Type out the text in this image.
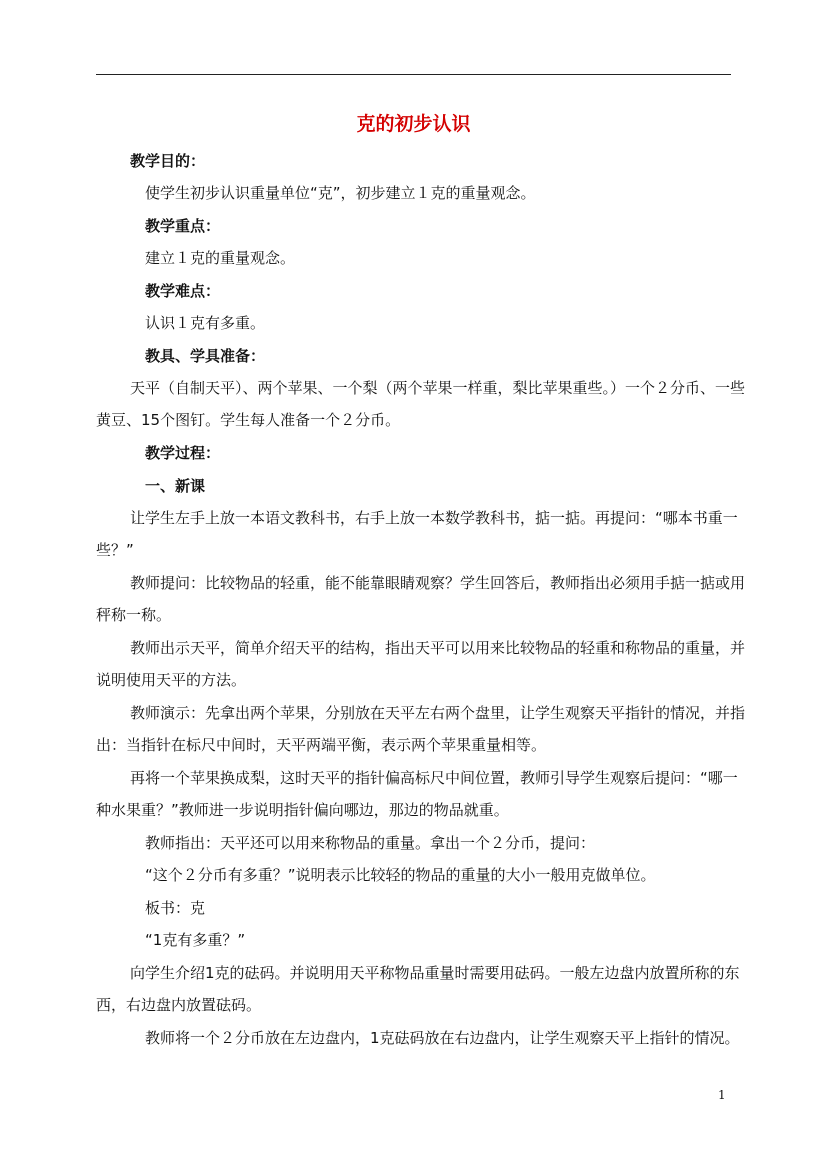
克的初步认识
教学目的：
使学生初步认识重量单位“克”，初步建立１克的重量观念。
教学重点：
建立１克的重量观念。
教学难点：
认识１克有多重。
教具、学具准备：
天平（自制天平）、两个苹果、一个梨（两个苹果一样重，梨比苹果重些。）一个２分币、一些
黄豆、15个图钉。学生每人准备一个２分币。
教学过程：
一、新课
让学生左手上放一本语文教科书，右手上放一本数学教科书，掂一掂。再提问：“哪本书重一
些？”
教师提问：比较物品的轻重，能不能靠眼睛观察？学生回答后，教师指出必须用手掂一掂或用
秤称一称。
教师出示天平，简单介绍天平的结构，指出天平可以用来比较物品的轻重和称物品的重量，并
说明使用天平的方法。
教师演示：先拿出两个苹果，分别放在天平左右两个盘里，让学生观察天平指针的情况，并指
出：当指针在标尺中间时，天平两端平衡，表示两个苹果重量相等。
再将一个苹果换成梨，这时天平的指针偏高标尺中间位置，教师引导学生观察后提问：“哪一
种水果重？”教师进一步说明指针偏向哪边，那边的物品就重。
教师指出：天平还可以用来称物品的重量。拿出一个２分币，提问：
“这个２分币有多重？”说明表示比较轻的物品的重量的大小一般用克做单位。
板书：克
“1克有多重？”
向学生介绍1克的砝码。并说明用天平称物品重量时需要用砝码。一般左边盘内放置所称的东
西，右边盘内放置砝码。
教师将一个２分币放在左边盘内，1克砝码放在右边盘内，让学生观察天平上指针的情况。
1
